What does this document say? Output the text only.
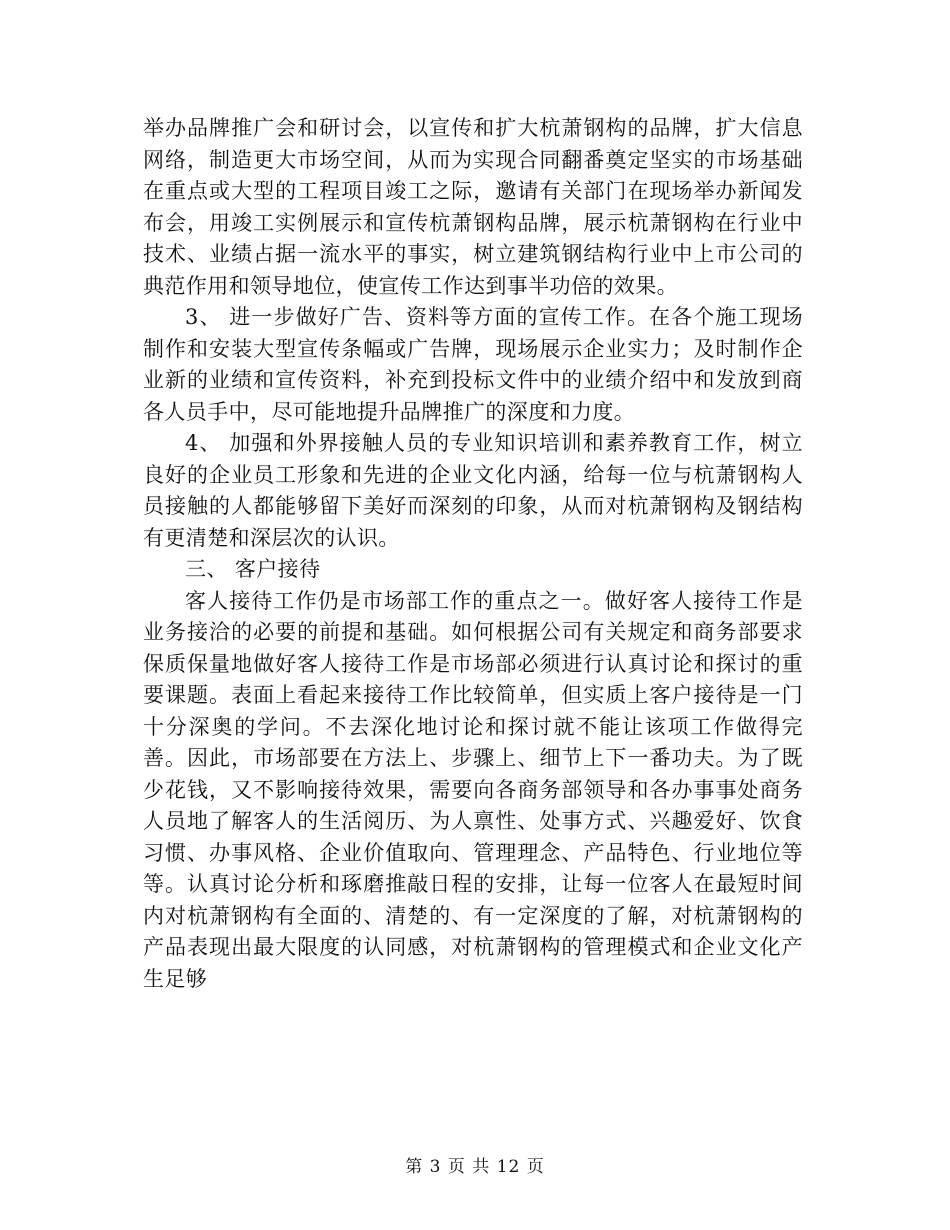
举办品牌推广会和研讨会，以宣传和扩大杭萧钢构的品牌，扩大信息网络，制造更大市场空间，从而为实现合同翻番奠定坚实的市场基础在重点或大型的工程项目竣工之际，邀请有关部门在现场举办新闻发布会，用竣工实例展示和宣传杭萧钢构品牌，展示杭萧钢构在行业中技术、业绩占据一流水平的事实，树立建筑钢结构行业中上市公司的典范作用和领导地位，使宣传工作达到事半功倍的效果。

3、 进一步做好广告、资料等方面的宣传工作。在各个施工现场制作和安装大型宣传条幅或广告牌，现场展示企业实力；及时制作企业新的业绩和宣传资料，补充到投标文件中的业绩介绍中和发放到商各人员手中，尽可能地提升品牌推广的深度和力度。

4、 加强和外界接触人员的专业知识培训和素养教育工作，树立良好的企业员工形象和先进的企业文化内涵，给每一位与杭萧钢构人员接触的人都能够留下美好而深刻的印象，从而对杭萧钢构及钢结构有更清楚和深层次的认识。

三、 客户接待

客人接待工作仍是市场部工作的重点之一。做好客人接待工作是业务接洽的必要的前提和基础。如何根据公司有关规定和商务部要求保质保量地做好客人接待工作是市场部必须进行认真讨论和探讨的重要课题。表面上看起来接待工作比较简单，但实质上客户接待是一门十分深奥的学问。不去深化地讨论和探讨就不能让该项工作做得完善。因此，市场部要在方法上、步骤上、细节上下一番功夫。为了既少花钱，又不影响接待效果，需要向各商务部领导和各办事事处商务人员地了解客人的生活阅历、为人禀性、处事方式、兴趣爱好、饮食习惯、办事风格、企业价值取向、管理理念、产品特色、行业地位等等。认真讨论分析和琢磨推敲日程的安排，让每一位客人在最短时间内对杭萧钢构有全面的、清楚的、有一定深度的了解，对杭萧钢构的产品表现出最大限度的认同感，对杭萧钢构的管理模式和企业文化产生足够

第 3 页 共 12 页
